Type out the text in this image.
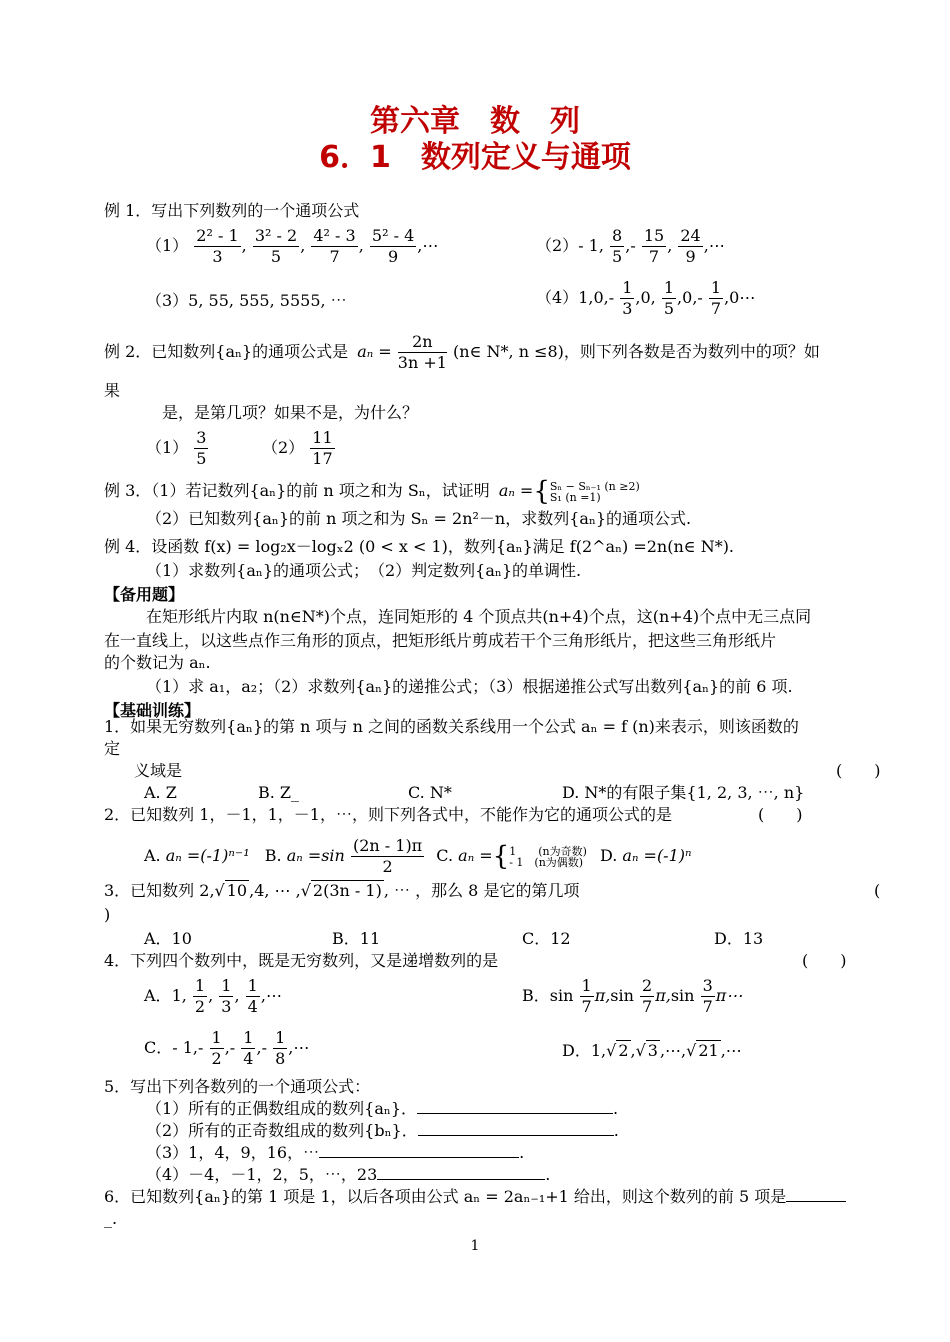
第六章　数　列
6．1　数列定义与通项
例 1．写出下列数列的一个通项公式
$(1) \frac{\text{2² - 1}}{3}$ , $\frac{\text{3² - 2}}{5}$ , $\frac{\text{4² - 3}}{7}$ , $\frac{\text{5² - 4}}{9}$ ,⋯	（2）- 1, $\frac{8}{5}$ ,- $\frac{15}{7}$ , $\frac{24}{9}$ ,⋯
（3）5, 55, 555, 5555, ⋯	$(4)1,0,- \frac{1}{3} ,0$, $\frac{1}{5} ,0,- \frac{1}{7}$ ,0⋯
例 2．已知数列{aₙ}的通项公式是 $a_n = \frac{2n}{3n +1}$ (n∈ N*, n ≤8)，则下列各数是否为数列中的项？如
果
是，是第几项？如果不是，为什么？
$(1) \frac{3}{5}$	$(2) \frac{11}{17}$
例 3．（1）若记数列{aₙ}的前 n 项之和为 Sₙ，试证明 aₙ ={Sₙ − Sₙ₋₁ (n ≥2)
S₁ (n =1)
（2）已知数列{aₙ}的前 n 项之和为 Sₙ = 2n²－n，求数列{aₙ}的通项公式.
例 4．设函数 f(x) = log₂x－logₓ2 (0 < x < 1)，数列{aₙ}满足 f(2^aₙ) =2n(n∈ N*).
（1）求数列{aₙ}的通项公式；　（2）判定数列{aₙ}的单调性.
【备用题】
在矩形纸片内取 n(n∈N*)个点，连同矩形的 4 个顶点共(n+4)个点，这(n+4)个点中无三点同
在一直线上，以这些点作三角形的顶点，把矩形纸片剪成若干个三角形纸片，把这些三角形纸片
的个数记为 aₙ.
（1）求 a₁，a₂；（2）求数列{aₙ}的递推公式；（3）根据递推公式写出数列{aₙ}的前 6 项.
【基础训练】
1．如果无穷数列{aₙ}的第 n 项与 n 之间的函数关系线用一个公式 aₙ = f (n)来表示，则该函数的
定
义域是	(　　)
A. Z	B. Z_	C. N*	D. N*的有限子集{1, 2, 3, ⋯, n}
2．已知数列 1，－1，1，－1，⋯，则下列各式中，不能作为它的通项公式的是	(　　)
A. aₙ =(-1)ⁿ⁻¹ B. $a_n =\sin \frac{(2n - 1)\pi}{2} C$. aₙ ={1　　(n为奇数)
- 1　(n为偶数) D. aₙ =(-1)ⁿ
3．已知数列 2,√ 10 ,4, ⋯ ,√ 2(3n - 1) , ⋯ ，那么 8 是它的第几项	(
)
A．10	B．11	C．12	D．13
4．下列四个数列中，既是无穷数列，又是递增数列的是	(　　)
A．1, $\frac{1}{2}$ , $\frac{1}{3}$ , $\frac{1}{4}$ ,⋯	B．$\sin \frac{1}{7} \pi,\sin \frac{2}{7} \pi,\sin \frac{3}{7}$ π⋯
C．- $1,- \frac{1}{2}$ ,- $\frac{1}{4}$ ,- $\frac{1}{8}$ ,⋯	D．1,√ 2 ,√ 3 ,⋯,√ 21 ,⋯
5．写出下列各数列的一个通项公式：
（1）所有的正偶数组成的数列{aₙ}．	.
（2）所有的正奇数组成的数列{bₙ}．	.
（3）1，4，9，16，⋯	.
（4）－4，－1，2，5，⋯，23	.
6．已知数列{aₙ}的第 1 项是 1，以后各项由公式 aₙ = 2aₙ₋₁+1 给出，则这个数列的前 5 项是
_.
1
